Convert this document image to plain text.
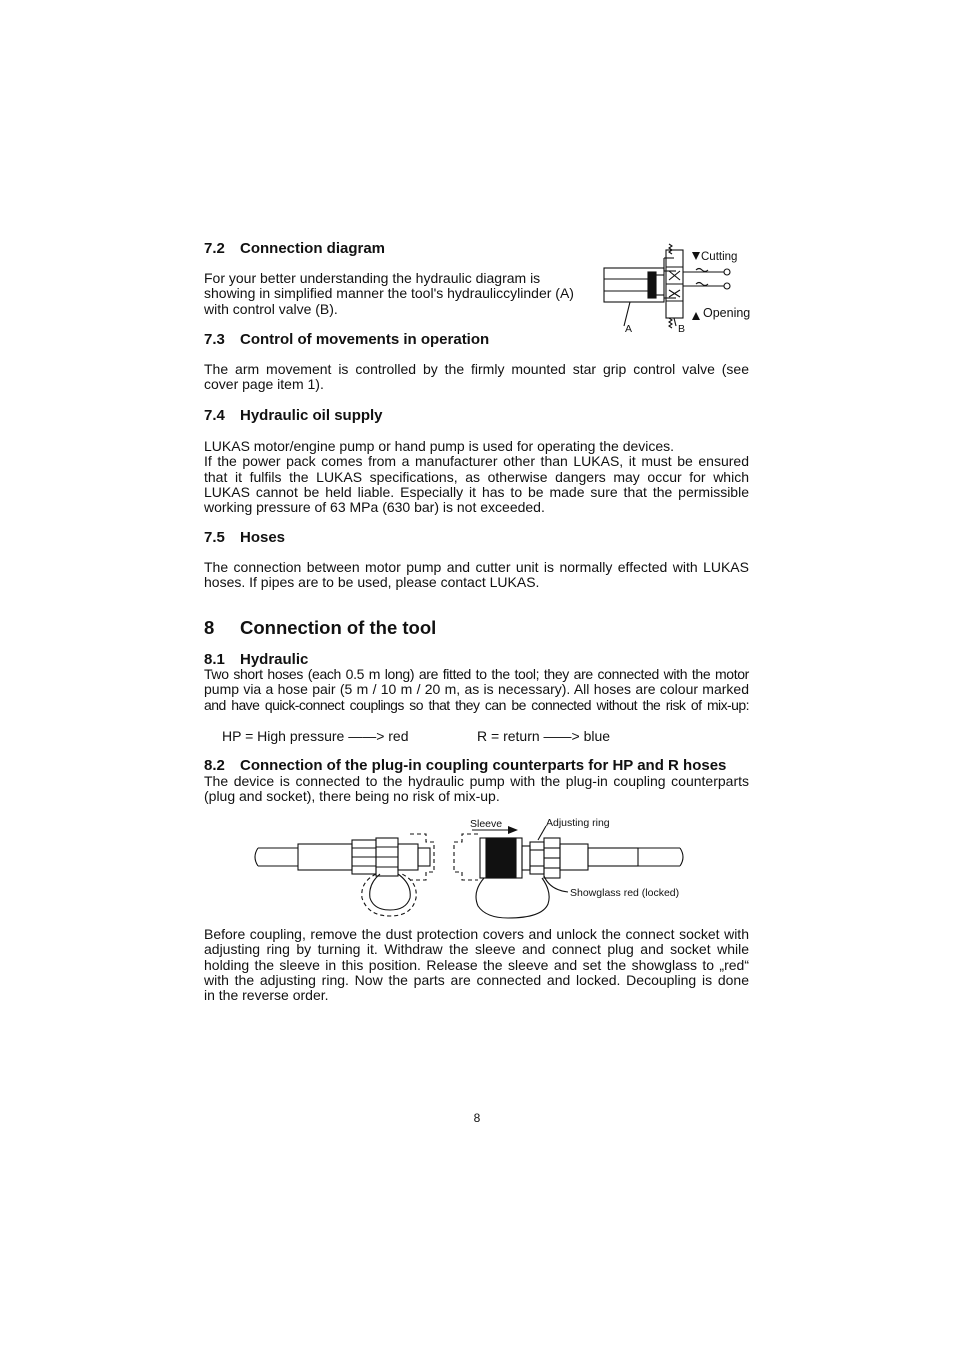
7.2 Connection diagram
For your better understanding the hydraulic diagram is
showing in simplified manner the tool's hydrauliccylinder (A)
with control valve (B).
Cutting
Opening
A	B
7.3 Control of movements in operation
The arm movement is controlled by the firmly mounted star grip control valve (see
cover page item 1).
7.4 Hydraulic oil supply
LUKAS motor/engine pump or hand pump is used for operating the devices.
If the power pack comes from a manufacturer other than LUKAS, it must be ensured
that it fulfils the LUKAS specifications, as otherwise dangers may occur for which
LUKAS cannot be held liable. Especially it has to be made sure that the permissible
working pressure of 63 MPa (630 bar) is not exceeded.
7.5 Hoses
The connection between motor pump and cutter unit is normally effected with LUKAS
hoses. If pipes are to be used, please contact LUKAS.
8 Connection of the tool
8.1 Hydraulic
Two short hoses (each 0.5 m long) are fitted to the tool; they are connected with the motor
pump via a hose pair (5 m / 10 m / 20 m, as is necessary). All hoses are colour marked
and have quick-connect couplings so that they can be connected without the risk of mix-up:
HP = High pressure ——> red	R = return ——> blue
8.2 Connection of the plug-in coupling counterparts for HP and R hoses
The device is connected to the hydraulic pump with the plug-in coupling counterparts
(plug and socket), there being no risk of mix-up.
Sleeve	Adjusting ring
Showglass red (locked)
Before coupling, remove the dust protection covers and unlock the connect socket with
adjusting ring by turning it. Withdraw the sleeve and connect plug and socket while
holding the sleeve in this position. Release the sleeve and set the showglass to „red“
with the adjusting ring. Now the parts are connected and locked. Decoupling is done
in the reverse order.
8
